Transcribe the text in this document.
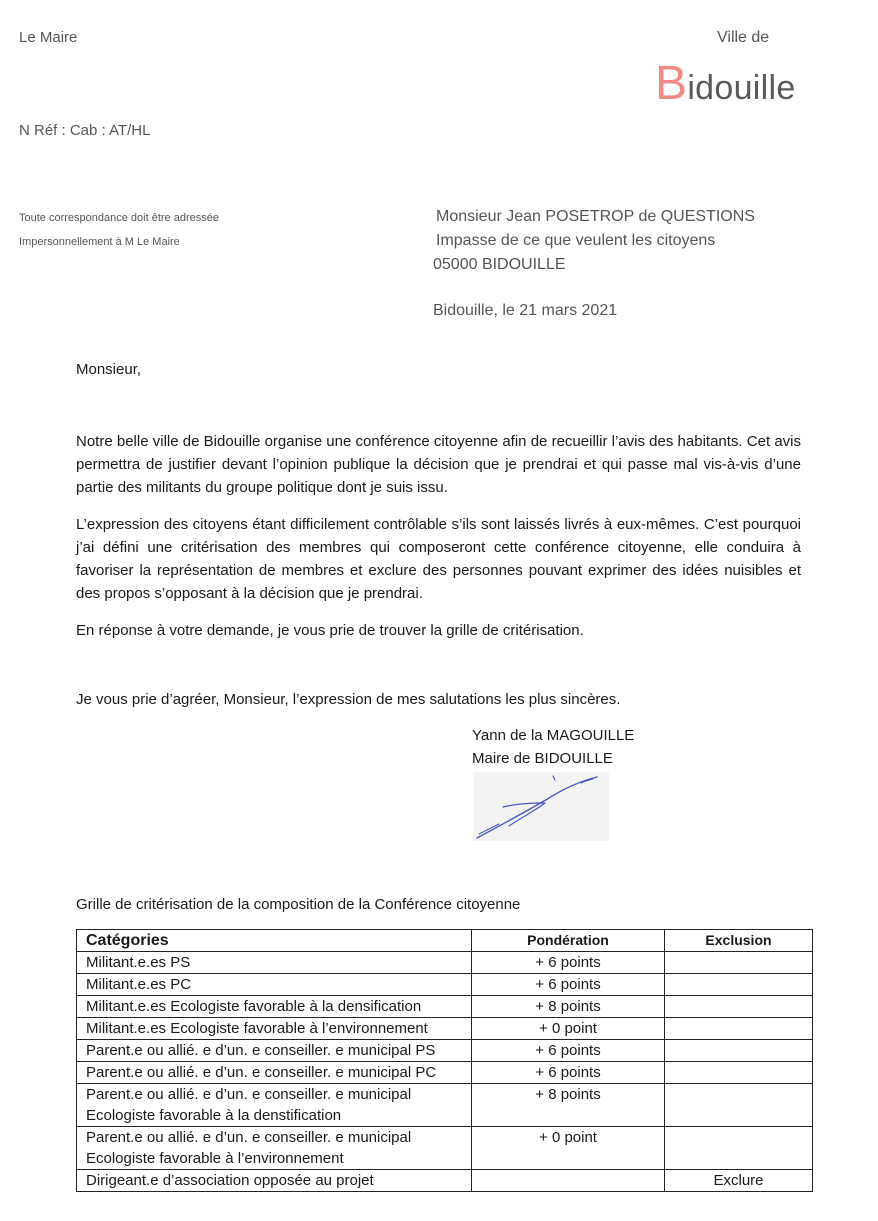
Le Maire	Ville de
Bidouille
N Réf : Cab : AT/HL
Toute correspondance doit être adressée
Impersonnellement à M Le Maire
Monsieur Jean POSETROP de QUESTIONS
Impasse de ce que veulent les citoyens
05000 BIDOUILLE
Bidouille, le 21 mars 2021
Monsieur,

Notre belle ville de Bidouille organise une conférence citoyenne afin de recueillir l’avis des habitants. Cet avis permettra de justifier devant l’opinion publique la décision que je prendrai et qui passe mal vis-à-vis d’une partie des militants du groupe politique dont je suis issu.

L’expression des citoyens étant difficilement contrôlable s’ils sont laissés livrés à eux-mêmes. C’est pourquoi j’ai défini une critérisation des membres qui composeront cette conférence citoyenne, elle conduira à favoriser la représentation de membres et exclure des personnes pouvant exprimer des idées nuisibles et des propos s’opposant à la décision que je prendrai.

En réponse à votre demande, je vous prie de trouver la grille de critérisation.

Je vous prie d’agréer, Monsieur, l’expression de mes salutations les plus sincères.
Yann de la MAGOUILLE
Maire de BIDOUILLE
Grille de critérisation de la composition de la Conférence citoyenne
Catégories	Pondération	Exclusion
Militant.e.es PS	+ 6 points	
Militant.e.es PC	+ 6 points	
Militant.e.es Ecologiste favorable à la densification	+ 8 points	
Militant.e.es Ecologiste favorable à l’environnement	+ 0 point	
Parent.e ou allié. e d’un. e conseiller. e municipal PS	+ 6 points	
Parent.e ou allié. e d’un. e conseiller. e municipal PC	+ 6 points	
Parent.e ou allié. e d’un. e conseiller. e municipal
Ecologiste favorable à la denstification	+ 8 points	
Parent.e ou allié. e d’un. e conseiller. e municipal
Ecologiste favorable à l’environnement	+ 0 point	
Dirigeant.e d’association opposée au projet		Exclure
